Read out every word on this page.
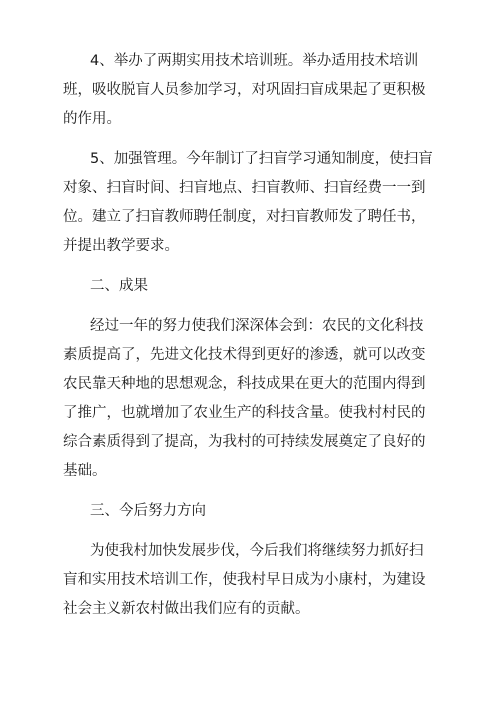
4、举办了两期实用技术培训班。举办适用技术培训
班，吸收脱盲人员参加学习，对巩固扫盲成果起了更积极
的作用。
5、加强管理。今年制订了扫盲学习通知制度，使扫盲
对象、扫盲时间、扫盲地点、扫盲教师、扫盲经费一一到
位。建立了扫盲教师聘任制度，对扫盲教师发了聘任书，
并提出教学要求。
二、成果
经过一年的努力使我们深深体会到：农民的文化科技
素质提高了，先进文化技术得到更好的渗透，就可以改变
农民靠天种地的思想观念，科技成果在更大的范围内得到
了推广，也就增加了农业生产的科技含量。使我村村民的
综合素质得到了提高，为我村的可持续发展奠定了良好的
基础。
三、今后努力方向
为使我村加快发展步伐，今后我们将继续努力抓好扫
盲和实用技术培训工作，使我村早日成为小康村，为建设
社会主义新农村做出我们应有的贡献。
